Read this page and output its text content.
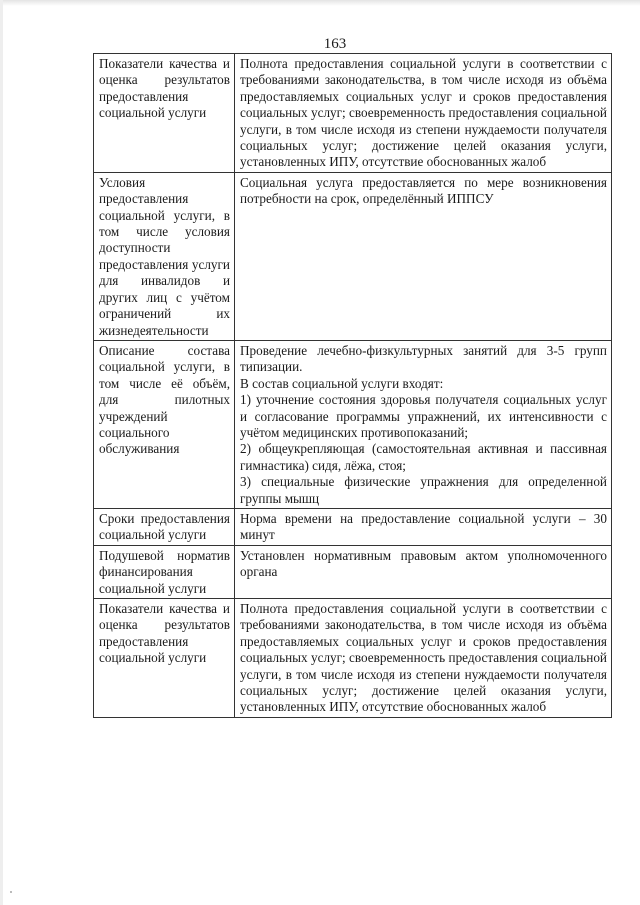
163
Показатели качества и оценка результатов предоставления социальной услуги	Полнота предоставления социальной услуги в соответствии с требованиями законодательства, в том числе исходя из объёма предоставляемых социальных услуг и сроков предоставления социальных услуг; своевременность предоставления социальной услуги, в том числе исходя из степени нуждаемости получателя социальных услуг; достижение целей оказания услуги, установленных ИПУ, отсутствие обоснованных жалоб

Условия предоставления социальной услуги, в том числе условия доступности предоставления услуги для инвалидов и других лиц с учётом ограничений их жизнедеятельности	Социальная услуга предоставляется по мере возникновения потребности на срок, определённый ИППСУ

Описание состава социальной услуги, в том числе её объём, для пилотных учреждений социального обслуживания	Проведение лечебно-физкультурных занятий для 3-5 групп типизации.
В состав социальной услуги входят:
1) уточнение состояния здоровья получателя социальных услуг и согласование программы упражнений, их интенсивности с учётом медицинских противопоказаний;
2) общеукрепляющая (самостоятельная активная и пассивная гимнастика) сидя, лёжа, стоя;
3) специальные физические упражнения для определенной группы мышц

Сроки предоставления социальной услуги	Норма времени на предоставление социальной услуги – 30 минут

Подушевой норматив финансирования социальной услуги	Установлен нормативным правовым актом уполномоченного органа

Показатели качества и оценка результатов предоставления социальной услуги	Полнота предоставления социальной услуги в соответствии с требованиями законодательства, в том числе исходя из объёма предоставляемых социальных услуг и сроков предоставления социальных услуг; своевременность предоставления социальной услуги, в том числе исходя из степени нуждаемости получателя социальных услуг; достижение целей оказания услуги, установленных ИПУ, отсутствие обоснованных жалоб
